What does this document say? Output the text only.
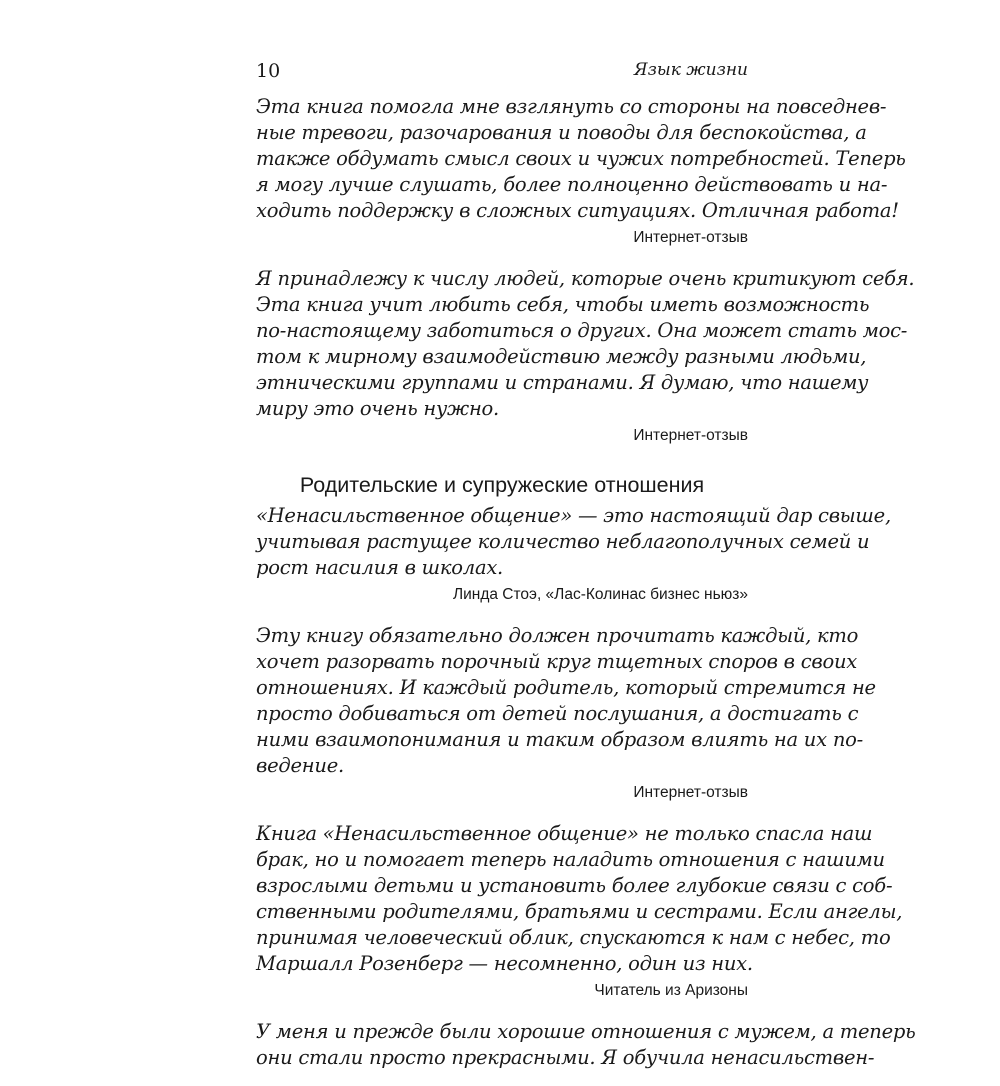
10	Язык жизни

Эта книга помогла мне взглянуть со стороны на повседнев-
ные тревоги, разочарования и поводы для беспокойства, а
также обдумать смысл своих и чужих потребностей. Теперь
я могу лучше слушать, более полноценно действовать и на-
ходить поддержку в сложных ситуациях. Отличная работа!

Интернет-отзыв

Я принадлежу к числу людей, которые очень критикуют себя.
Эта книга учит любить себя, чтобы иметь возможность
по-настоящему заботиться о других. Она может стать мос-
том к мирному взаимодействию между разными людьми,
этническими группами и странами. Я думаю, что нашему
миру это очень нужно.

Интернет-отзыв
Родительские и супружеские отношения

«Ненасильственное общение» — это настоящий дар свыше,
учитывая растущее количество неблагополучных семей и
рост насилия в школах.

Линда Стоэ, «Лас-Колинас бизнес ньюз»

Эту книгу обязательно должен прочитать каждый, кто
хочет разорвать порочный круг тщетных споров в своих
отношениях. И каждый родитель, который стремится не
просто добиваться от детей послушания, а достигать с
ними взаимопонимания и таким образом влиять на их по-
ведение.

Интернет-отзыв

Книга «Ненасильственное общение» не только спасла наш
брак, но и помогает теперь наладить отношения с нашими
взрослыми детьми и установить более глубокие связи с соб-
ственными родителями, братьями и сестрами. Если ангелы,
принимая человеческий облик, спускаются к нам с небес, то
Маршалл Розенберг — несомненно, один из них.

Читатель из Аризоны

У меня и прежде были хорошие отношения с мужем, а теперь
они стали просто прекрасными. Я обучила ненасильствен-
